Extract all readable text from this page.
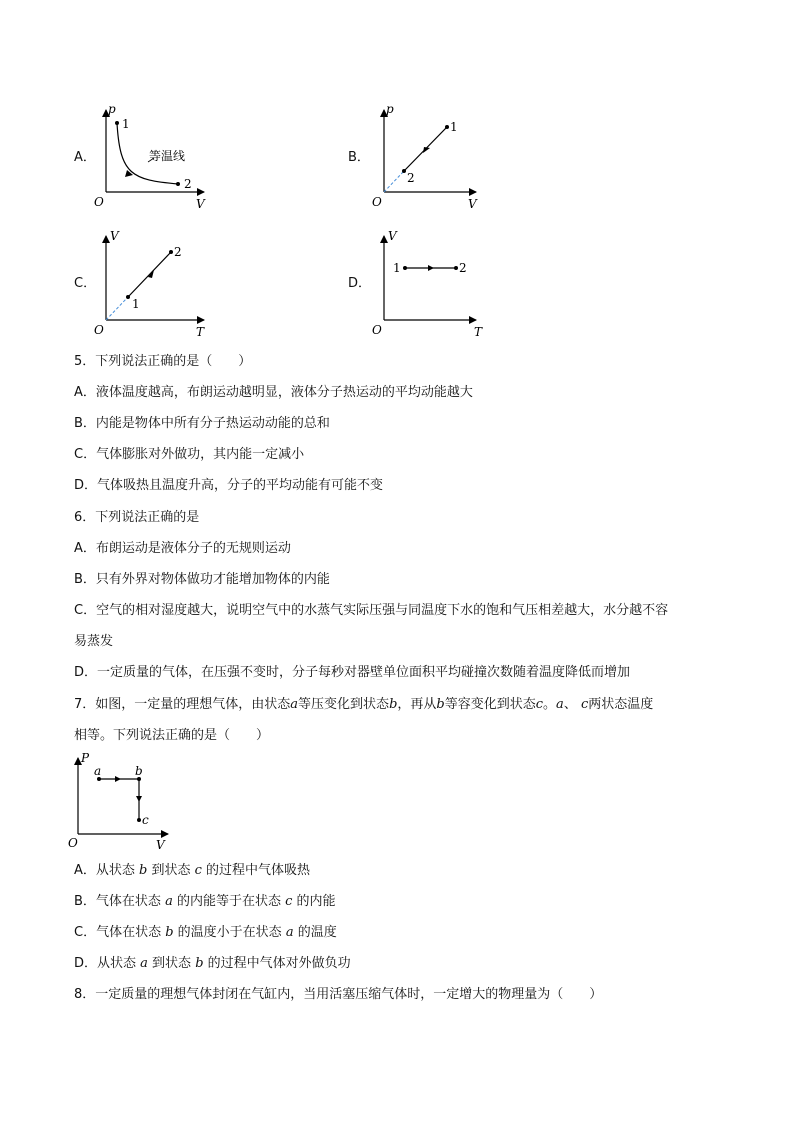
A．
p
V
O
1
2
等温线	B．
p
V
O
1
2
C．
V
T
O
2
1
D．
V
T
O
1	2
5．下列说法正确的是（　　）
A．液体温度越高，布朗运动越明显，液体分子热运动的平均动能越大
B．内能是物体中所有分子热运动动能的总和
C．气体膨胀对外做功，其内能一定减小
D．气体吸热且温度升高，分子的平均动能有可能不变
6．下列说法正确的是
A．布朗运动是液体分子的无规则运动
B．只有外界对物体做功才能增加物体的内能
C．空气的相对湿度越大，说明空气中的水蒸气实际压强与同温度下水的饱和气压相差越大，水分越不容
易蒸发
D．一定质量的气体，在压强不变时，分子每秒对器壁单位面积平均碰撞次数随着温度降低而增加
7．如图，一定量的理想气体，由状态a等压变化到状态b，再从b等容变化到状态c。a、 c两状态温度
相等。下列说法正确的是（　　）
P
V
O
a	b
c
A．从状态 b 到状态 c 的过程中气体吸热
B．气体在状态 a 的内能等于在状态 c 的内能
C．气体在状态 b 的温度小于在状态 a 的温度
D．从状态 a 到状态 b 的过程中气体对外做负功
8．一定质量的理想气体封闭在气缸内，当用活塞压缩气体时，一定增大的物理量为（　　）
